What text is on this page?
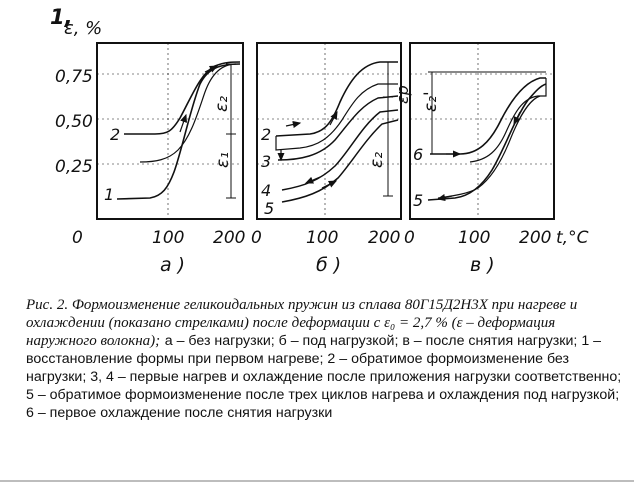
1,
ε, %
0,75
0,50
0,25
0
ε₂
ε₁
1
2
100 200
а )
εp
ε₂
2
3
4
5
0	100 200
б )
ε₂'
6
5
0	100 200 t,°C
в )
Рис. 2. Формоизменение геликоидальных пружин из сплава 80Г15Д2Н3Х при нагреве и охлаждении (показано стрелками) после деформации с ε₀ = 2,7 % (ε – деформация наружного волокна); а – без нагрузки; б – под нагрузкой; в – после снятия нагрузки; 1 – восстановление формы при первом нагреве; 2 – обратимое формоизменение без нагрузки; 3, 4 – первые нагрев и охлаждение после приложения нагрузки соответственно; 5 – обратимое формоизменение после трех циклов нагрева и охлаждения под нагрузкой; 6 – первое охлаждение после снятия нагрузки
